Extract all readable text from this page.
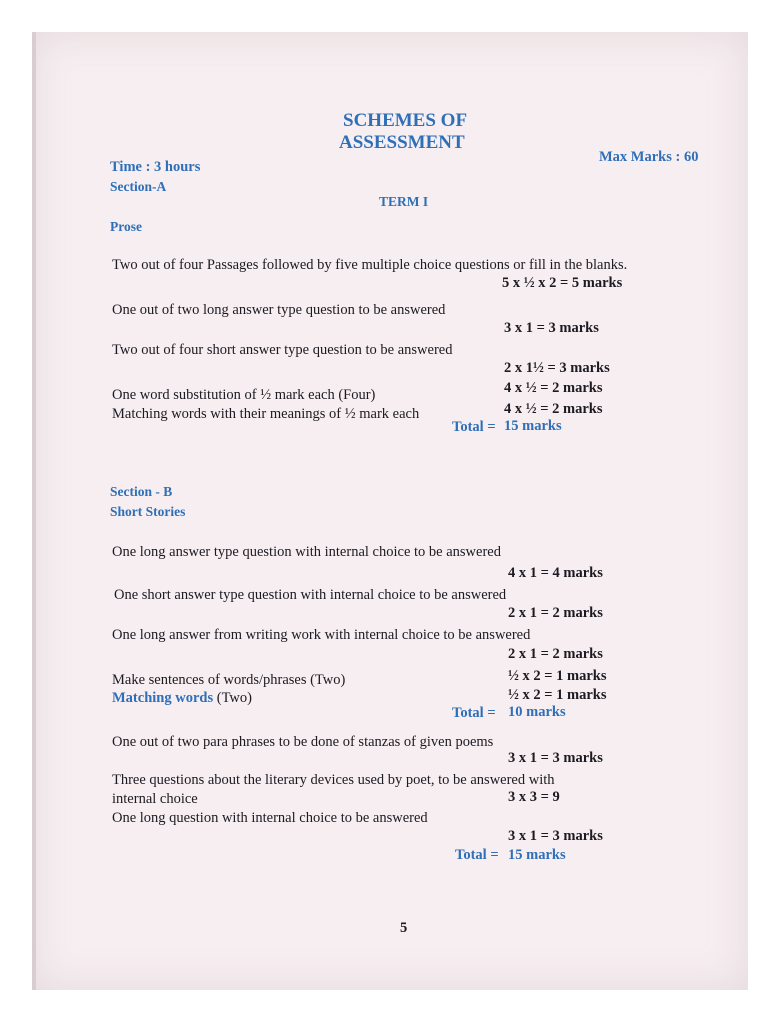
SCHEMES OF
ASSESSMENT
Time : 3 hours
Max Marks : 60
Section-A
TERM I
Prose
Two out of four Passages followed by five multiple choice questions or fill in the blanks.
5 x ½ x 2 = 5 marks
One out of two long answer type question to be answered
3 x 1 = 3 marks
Two out of four short answer type question to be answered
2 x 1½ = 3 marks
One word substitution of ½ mark each (Four)	4 x ½ = 2 marks
Matching words with their meanings of ½ mark each	4 x ½ = 2 marks
Total = 15 marks
Section - B
Short Stories
One long answer type question with internal choice to be answered
4 x 1 = 4 marks
One short answer type question with internal choice to be answered
2 x 1 = 2 marks
One long answer from writing work with internal choice to be answered
2 x 1 = 2 marks
Make sentences of words/phrases (Two)	½ x 2 = 1 marks
Matching words (Two)	½ x 2 = 1 marks
Total = 10 marks
One out of two para phrases to be done of stanzas of given poems
3 x 1 = 3 marks
Three questions about the literary devices used by poet, to be answered with
internal choice	3 x 3 = 9
One long question with internal choice to be answered
3 x 1 = 3 marks
Total = 15 marks
5
